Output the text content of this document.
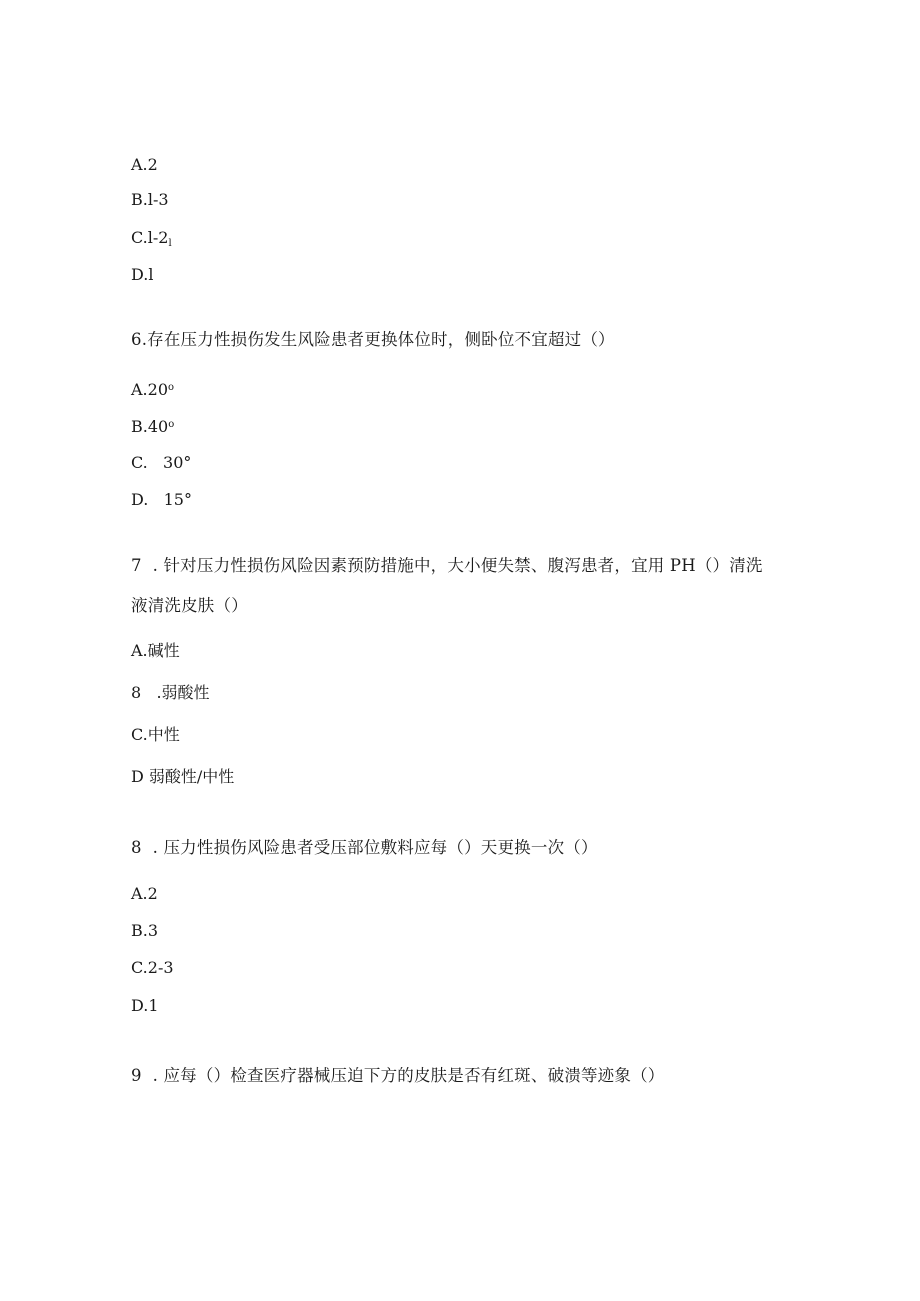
A.2
B.l-3
$C.l-2_l$
D.l
6.存在压力性损伤发生风险患者更换体位时，侧卧位不宜超过（）
A.20$^o$
B.40$^o$
C.   30°
D.   15°
7  . 针对压力性损伤风险因素预防措施中，大小便失禁、腹泻患者，宜用 PH（）清洗
液清洗皮肤（）
A.碱性
8   .弱酸性
C.中性
D 弱酸性/中性
8  . 压力性损伤风险患者受压部位敷料应每（）天更换一次（）
A.2
B.3
C.2-3
D.1
9  . 应每（）检查医疗器械压迫下方的皮肤是否有红斑、破溃等迹象（）
